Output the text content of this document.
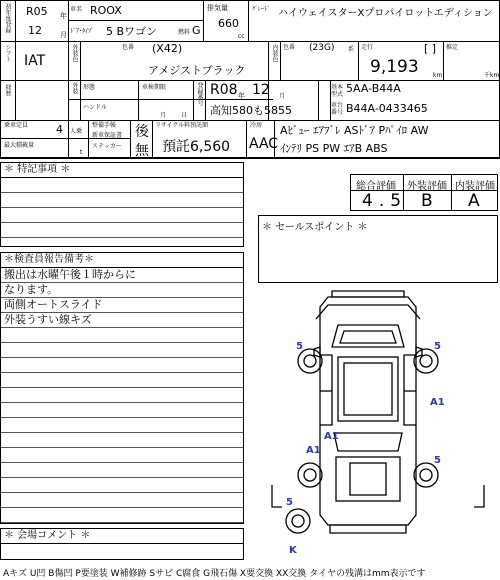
初年度登録 R05 年
12	月
車名 ROOX
ﾄﾞｱ･ﾀｲﾌﾟ 5 Bワゴン	燃料 G
排気量
660
cc
ｸﾞﾚｰﾄﾞ ハイウェイスターXプロパイロットエディション
シフト IAT	外装色	色番 (X42)
アメジストブラック
内装色 色番 (23G) 系 走行	[ ]
9,193 km
推定
千km
経歴	外装 形態
ハンドル
車検期限	R08 年 12 月
月 日
登録番号
高知580も5855
基本型式 5AA-B44A
車台番号 B44A-0433465
乗車定員	4 人乗
最大積載量
t
整備手帳
新車保証書
ステッカー
後
無
リサイクル料預託額
預託6,560
冷房
AAC
Aﾋﾞｭｰ ｴｱﾌﾞﾚ ASﾄﾞｱ Pﾊﾟｲﾛ AW
ｲﾝﾃﾘ PS PW ｴｱB ABS
＊ 特記事項 ＊
総合評価 外装評価 内装評価
4.5 B A
＊ セールスポイント ＊
＊検査員報告備考＊
搬出は水曜午後１時からに
なります。
両側オートスライド
外装うすい線キズ
＊ 会場コメント ＊
5	5
A1
A1
A1
5
5
K
Aキズ U凹 B傷凹 P要塗装 W補修跡 Sサビ C腐食 G飛石傷 X要交換 XX交換 タイヤの残溝はmm表示です
